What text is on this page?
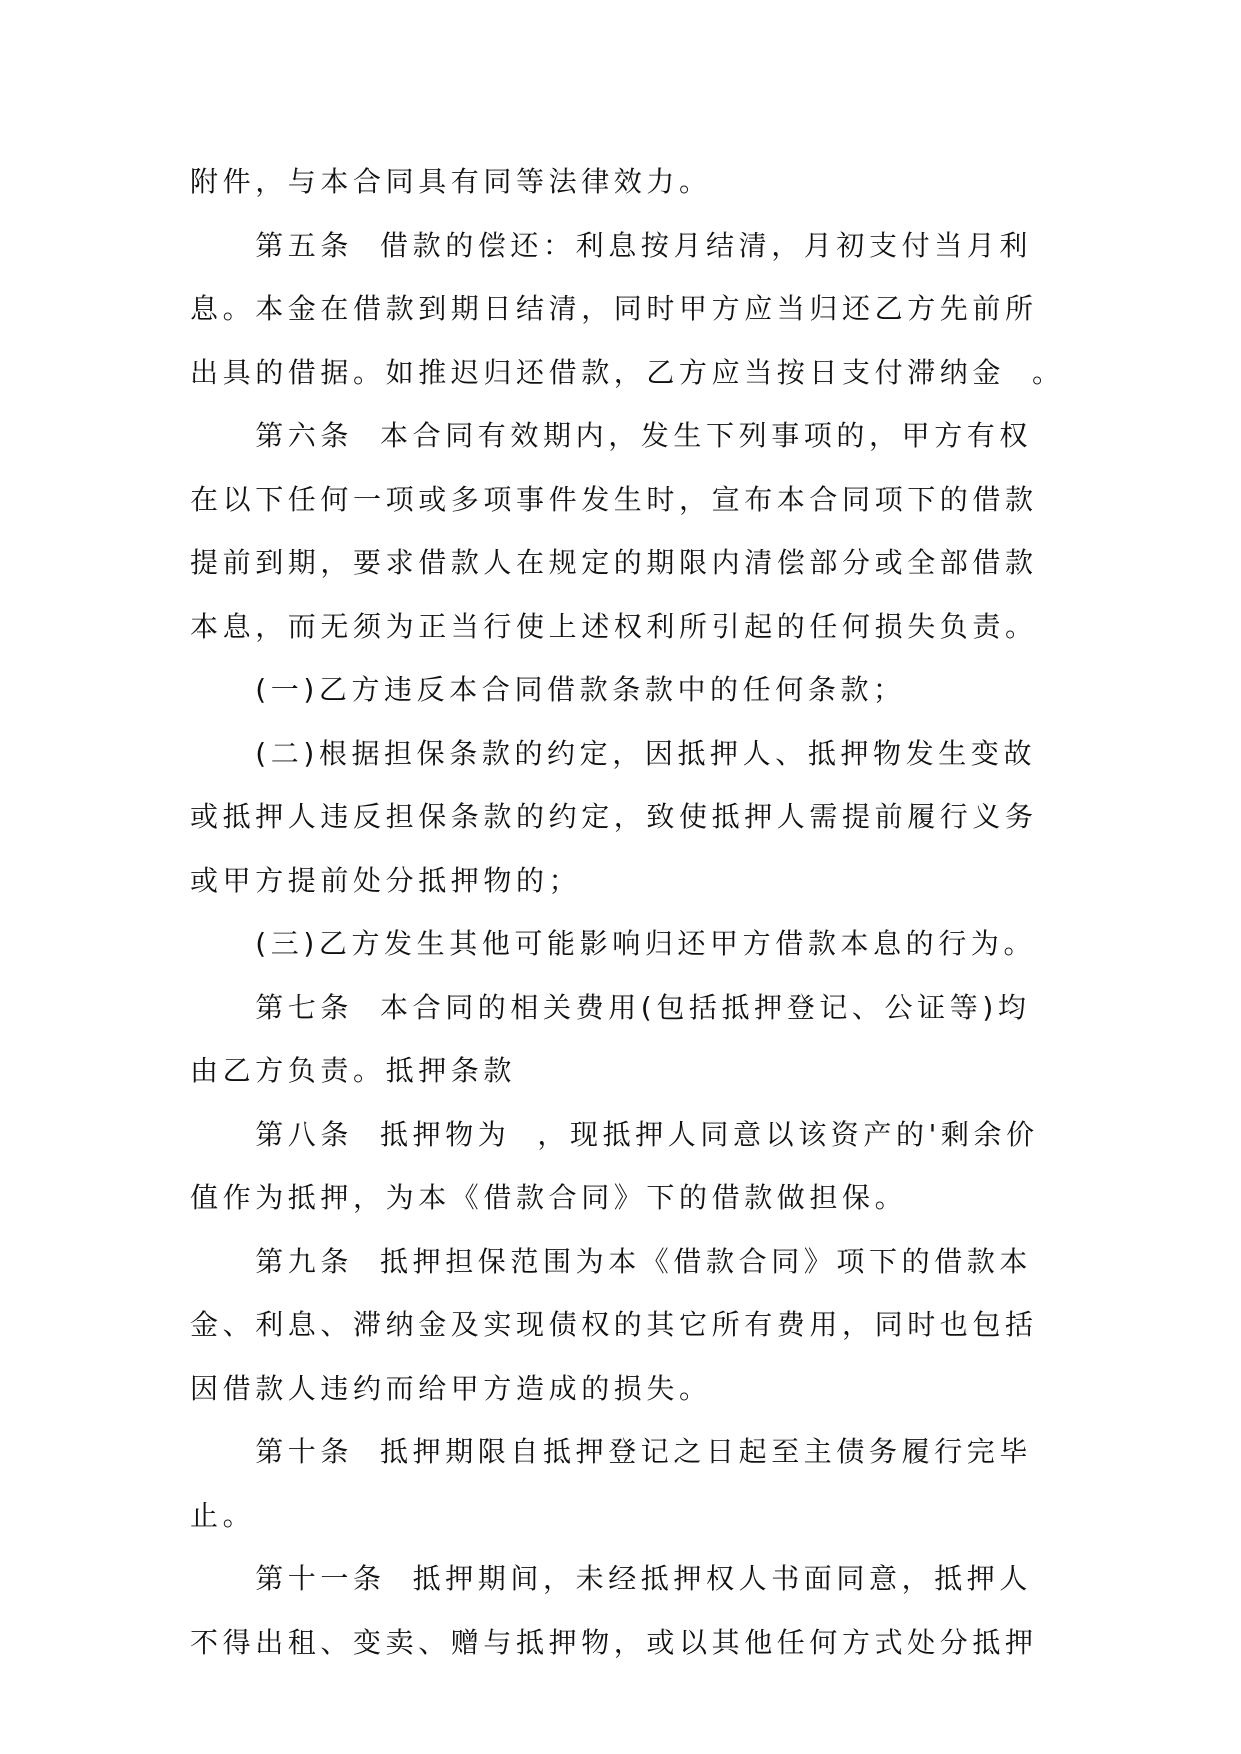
附件，与本合同具有同等法律效力。
　　第五条  借款的偿还：利息按月结清，月初支付当月利
息。本金在借款到期日结清，同时甲方应当归还乙方先前所
出具的借据。如推迟归还借款，乙方应当按日支付滞纳金  。
　　第六条  本合同有效期内，发生下列事项的，甲方有权
在以下任何一项或多项事件发生时，宣布本合同项下的借款
提前到期，要求借款人在规定的期限内清偿部分或全部借款
本息，而无须为正当行使上述权利所引起的任何损失负责。
　　(一)乙方违反本合同借款条款中的任何条款；
　　(二)根据担保条款的约定，因抵押人、抵押物发生变故
或抵押人违反担保条款的约定，致使抵押人需提前履行义务
或甲方提前处分抵押物的；
　　(三)乙方发生其他可能影响归还甲方借款本息的行为。
　　第七条  本合同的相关费用(包括抵押登记、公证等)均
由乙方负责。抵押条款
　　第八条  抵押物为  ，现抵押人同意以该资产的'剩余价
值作为抵押，为本《借款合同》下的借款做担保。
　　第九条  抵押担保范围为本《借款合同》项下的借款本
金、利息、滞纳金及实现债权的其它所有费用，同时也包括
因借款人违约而给甲方造成的损失。
　　第十条  抵押期限自抵押登记之日起至主债务履行完毕
止。
　　第十一条  抵押期间，未经抵押权人书面同意，抵押人
不得出租、变卖、赠与抵押物，或以其他任何方式处分抵押
